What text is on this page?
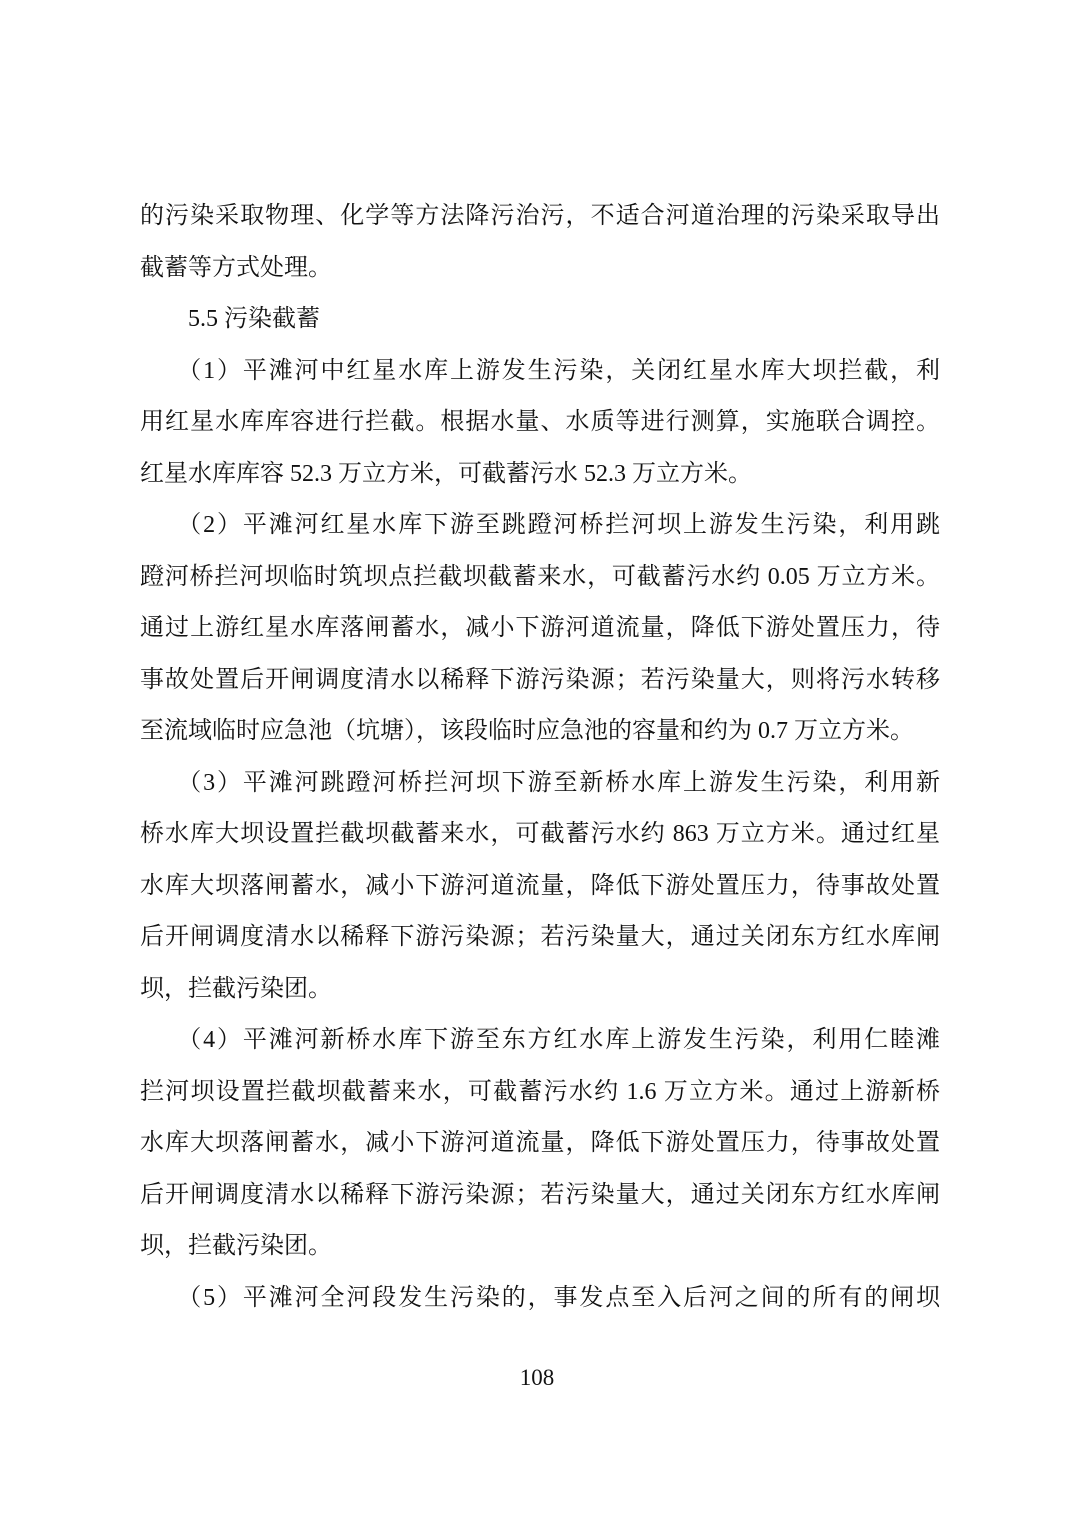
的污染采取物理、化学等方法降污治污，不适合河道治理的污染采取导出
截蓄等方式处理。
5.5 污染截蓄
（1）平滩河中红星水库上游发生污染，关闭红星水库大坝拦截，利
用红星水库库容进行拦截。根据水量、水质等进行测算，实施联合调控。
红星水库库容 52.3 万立方米，可截蓄污水 52.3 万立方米。
（2）平滩河红星水库下游至跳蹬河桥拦河坝上游发生污染，利用跳
蹬河桥拦河坝临时筑坝点拦截坝截蓄来水，可截蓄污水约 0.05 万立方米。
通过上游红星水库落闸蓄水，减小下游河道流量，降低下游处置压力，待
事故处置后开闸调度清水以稀释下游污染源；若污染量大，则将污水转移
至流域临时应急池（坑塘），该段临时应急池的容量和约为 0.7 万立方米。
（3）平滩河跳蹬河桥拦河坝下游至新桥水库上游发生污染，利用新
桥水库大坝设置拦截坝截蓄来水，可截蓄污水约 863 万立方米。通过红星
水库大坝落闸蓄水，减小下游河道流量，降低下游处置压力，待事故处置
后开闸调度清水以稀释下游污染源；若污染量大，通过关闭东方红水库闸
坝，拦截污染团。
（4）平滩河新桥水库下游至东方红水库上游发生污染，利用仁睦滩
拦河坝设置拦截坝截蓄来水，可截蓄污水约 1.6 万立方米。通过上游新桥
水库大坝落闸蓄水，减小下游河道流量，降低下游处置压力，待事故处置
后开闸调度清水以稀释下游污染源；若污染量大，通过关闭东方红水库闸
坝，拦截污染团。
（5）平滩河全河段发生污染的，事发点至入后河之间的所有的闸坝
108
